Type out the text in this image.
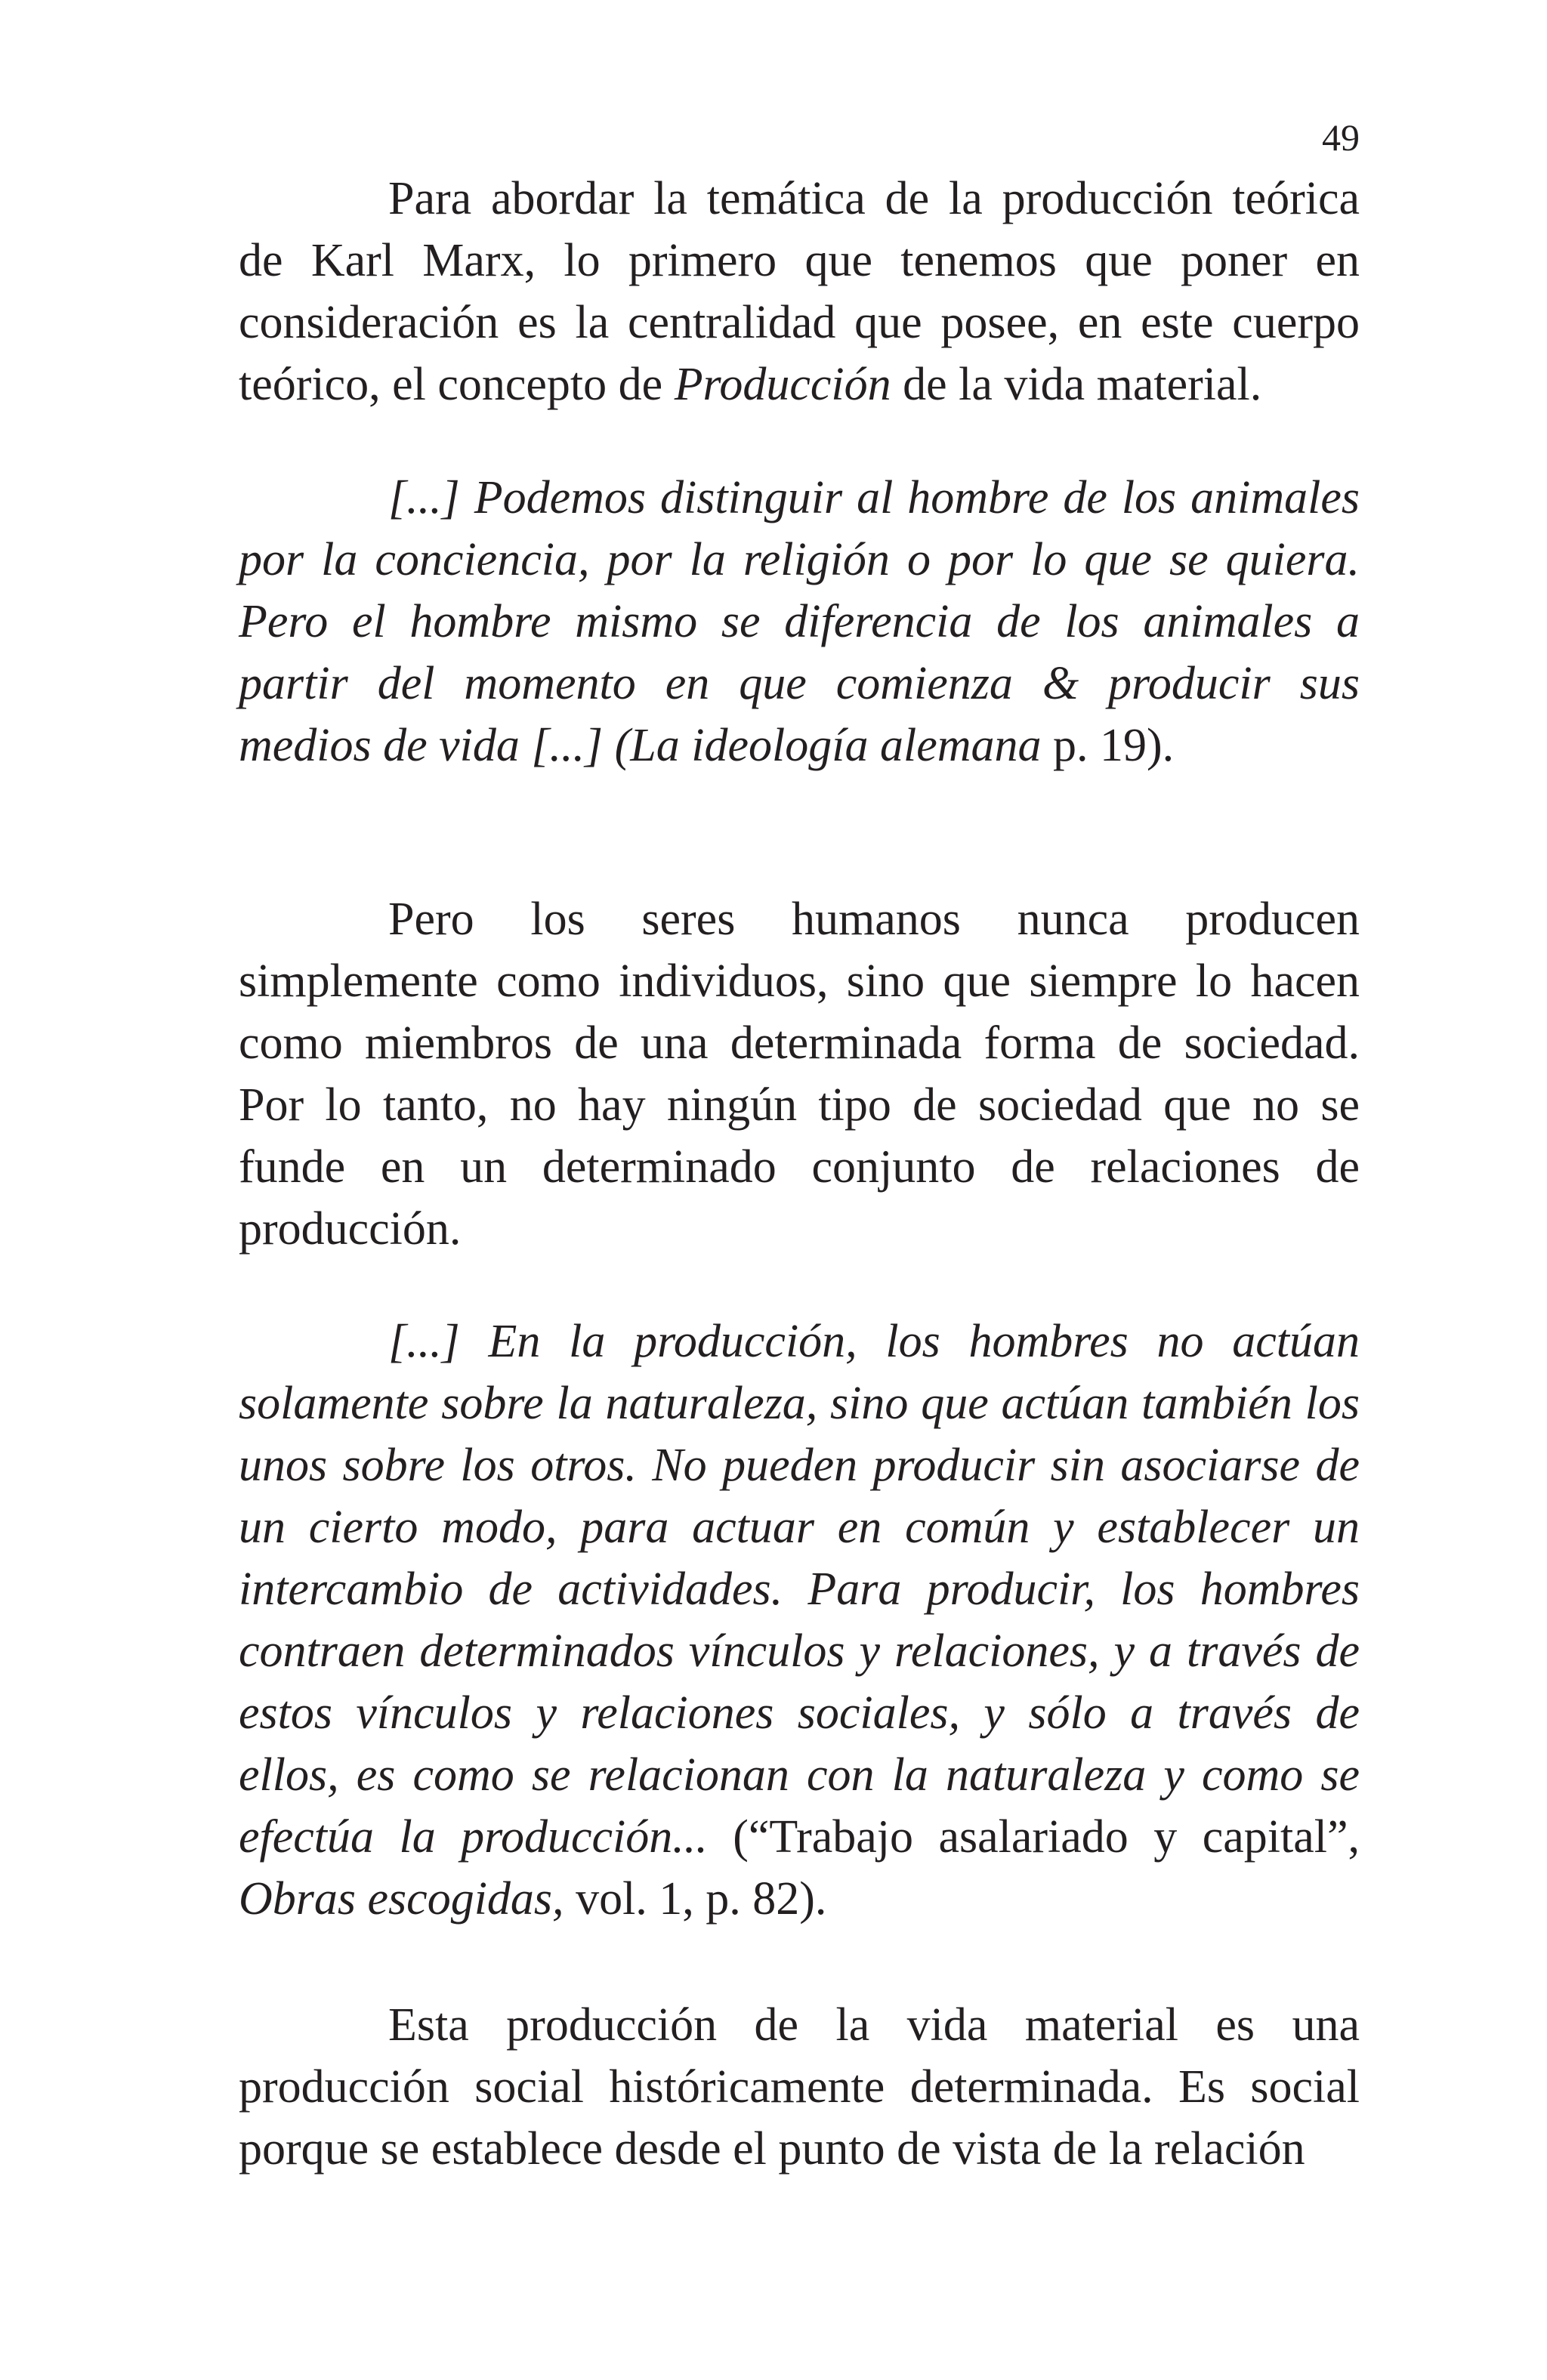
49

Para abordar la temática de la producción teórica de Karl Marx, lo primero que tenemos que poner en consideración es la centralidad que posee, en este cuerpo teórico, el concepto de Producción de la vida material.

[...] Podemos distinguir al hombre de los animales por la conciencia, por la religión o por lo que se quiera. Pero el hombre mismo se diferencia de los animales a partir del momento en que comienza & producir sus medios de vida [...] (La ideología alemana p. 19).

Pero los seres humanos nunca producen simplemente como individuos, sino que siempre lo hacen como miembros de una determinada forma de sociedad. Por lo tanto, no hay ningún tipo de sociedad que no se funde en un determinado conjunto de relaciones de producción.

[...] En la producción, los hombres no actúan solamente sobre la naturaleza, sino que actúan también los unos sobre los otros. No pueden producir sin asociarse de un cierto modo, para actuar en común y establecer un intercambio de actividades. Para producir, los hombres contraen determinados vínculos y relaciones, y a través de estos vínculos y relaciones sociales, y sólo a través de ellos, es como se relacionan con la naturaleza y como se efectúa la producción... (“Trabajo asalariado y capital”, Obras escogidas, vol. 1, p. 82).

Esta producción de la vida material es una producción social históricamente determinada. Es social porque se establece desde el punto de vista de la relación
